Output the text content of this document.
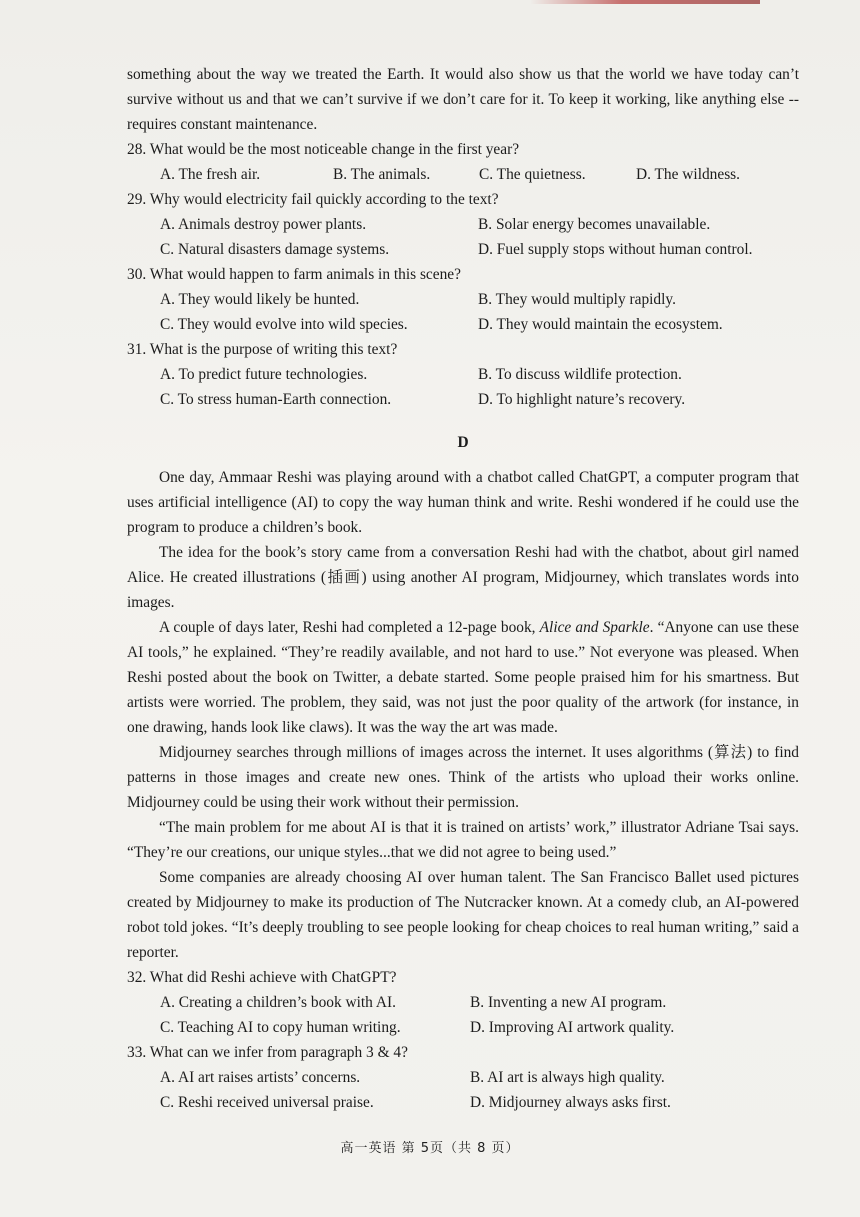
something about the way we treated the Earth. It would also show us that the world we have today can’t survive without us and that we can’t survive if we don’t care for it. To keep it working, like anything else -- requires constant maintenance.

28. What would be the most noticeable change in the first year?
A. The fresh air.	B. The animals.	C. The quietness.	D. The wildness.
29. Why would electricity fail quickly according to the text?
A. Animals destroy power plants.	B. Solar energy becomes unavailable.
C. Natural disasters damage systems.	D. Fuel supply stops without human control.
30. What would happen to farm animals in this scene?
A. They would likely be hunted.	B. They would multiply rapidly.
C. They would evolve into wild species.	D. They would maintain the ecosystem.
31. What is the purpose of writing this text?
A. To predict future technologies.	B. To discuss wildlife protection.
C. To stress human-Earth connection.	D. To highlight nature’s recovery.
D

One day, Ammaar Reshi was playing around with a chatbot called ChatGPT, a computer program that uses artificial intelligence (AI) to copy the way human think and write. Reshi wondered if he could use the program to produce a children’s book.

The idea for the book’s story came from a conversation Reshi had with the chatbot, about girl named Alice. He created illustrations (插画) using another AI program, Midjourney, which translates words into images.

A couple of days later, Reshi had completed a 12-page book, Alice and Sparkle. “Anyone can use these AI tools,” he explained. “They’re readily available, and not hard to use.” Not everyone was pleased. When Reshi posted about the book on Twitter, a debate started. Some people praised him for his smartness. But artists were worried. The problem, they said, was not just the poor quality of the artwork (for instance, in one drawing, hands look like claws). It was the way the art was made.

Midjourney searches through millions of images across the internet. It uses algorithms (算法) to find patterns in those images and create new ones. Think of the artists who upload their works online. Midjourney could be using their work without their permission.

“The main problem for me about AI is that it is trained on artists’ work,” illustrator Adriane Tsai says. “They’re our creations, our unique styles...that we did not agree to being used.”

Some companies are already choosing AI over human talent. The San Francisco Ballet used pictures created by Midjourney to make its production of The Nutcracker known. At a comedy club, an AI-powered robot told jokes. “It’s deeply troubling to see people looking for cheap choices to real human writing,” said a reporter.

32. What did Reshi achieve with ChatGPT?
A. Creating a children’s book with AI.	B. Inventing a new AI program.
C. Teaching AI to copy human writing.	D. Improving AI artwork quality.
33. What can we infer from paragraph 3 & 4?
A. AI art raises artists’ concerns.	B. AI art is always high quality.
C. Reshi received universal praise.	D. Midjourney always asks first.
高一英语 第 5页（共 8 页）
